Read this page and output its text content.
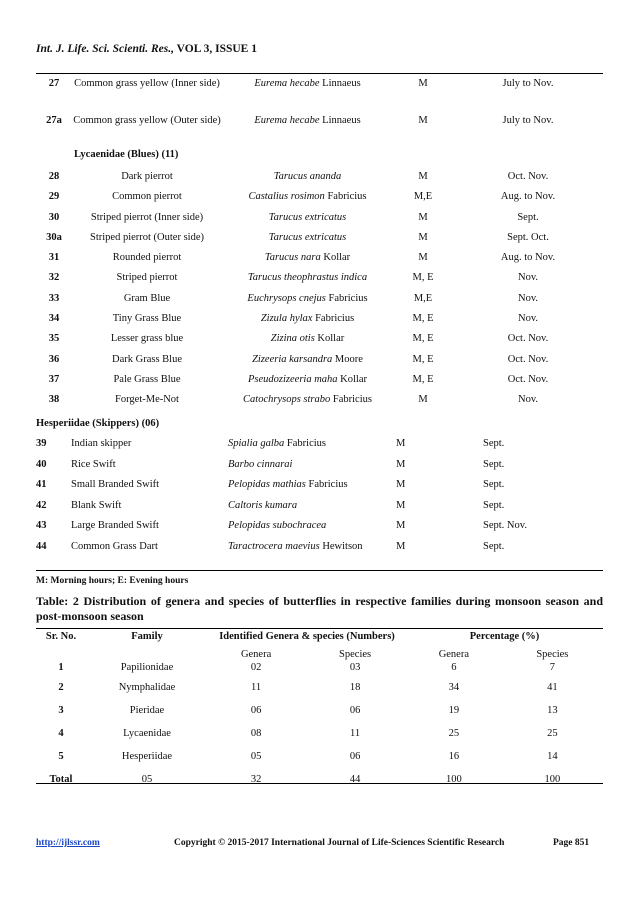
Int. J. Life. Sci. Scienti. Res., VOL 3, ISSUE 1
27	Common grass yellow (Inner side)	Eurema hecabe Linnaeus	M	July to Nov.
27a	Common grass yellow (Outer side)	Eurema hecabe Linnaeus	M	July to Nov.
	Lycaenidae (Blues) (11)			
28	Dark pierrot	Tarucus ananda	M	Oct. Nov.
29	Common pierrot	Castalius rosimon Fabricius	M,E	Aug. to Nov.
30	Striped pierrot (Inner side)	Tarucus extricatus	M	Sept.
30a	Striped pierrot (Outer side)	Tarucus extricatus	M	Sept. Oct.
31	Rounded pierrot	Tarucus nara Kollar	M	Aug. to Nov.
32	Striped pierrot	Tarucus theophrastus indica	M, E	Nov.
33	Gram Blue	Euchrysops cnejus Fabricius	M,E	Nov.
34	Tiny Grass Blue	Zizula hylax Fabricius	M, E	Nov.
35	Lesser grass blue	Zizina otis Kollar	M, E	Oct. Nov.
36	Dark Grass Blue	Zizeeria karsandra Moore	M, E	Oct. Nov.
37	Pale Grass Blue	Pseudozizeeria maha Kollar	M, E	Oct. Nov.
38	Forget-Me-Not	Catochrysops strabo Fabricius	M	Nov.
Hesperiidae (Skippers) (06)
39	Indian skipper	Spialia galba Fabricius	M	Sept.
40	Rice Swift	Barbo cinnarai	M	Sept.
41	Small Branded Swift	Pelopidas mathias Fabricius	M	Sept.
42	Blank Swift	Caltoris kumara	M	Sept.
43	Large Branded Swift	Pelopidas subochracea	M	Sept. Nov.
44	Common Grass Dart	Taractrocera maevius Hewitson	M	Sept.
M: Morning hours; E: Evening hours
Table: 2 Distribution of genera and species of butterflies in respective families during monsoon season and post-monsoon season
Sr. No.	Family	Identified Genera & species (Numbers)		Percentage (%)	
		Genera	Species	Genera	Species
1	Papilionidae	02	03	6	7
2	Nymphalidae	11	18	34	41
3	Pieridae	06	06	19	13
4	Lycaenidae	08	11	25	25
5	Hesperiidae	05	06	16	14
Total	05	32	44	100	100
http://ijlssr.com	Copyright © 2015-2017 International Journal of Life-Sciences Scientific Research	Page 851
